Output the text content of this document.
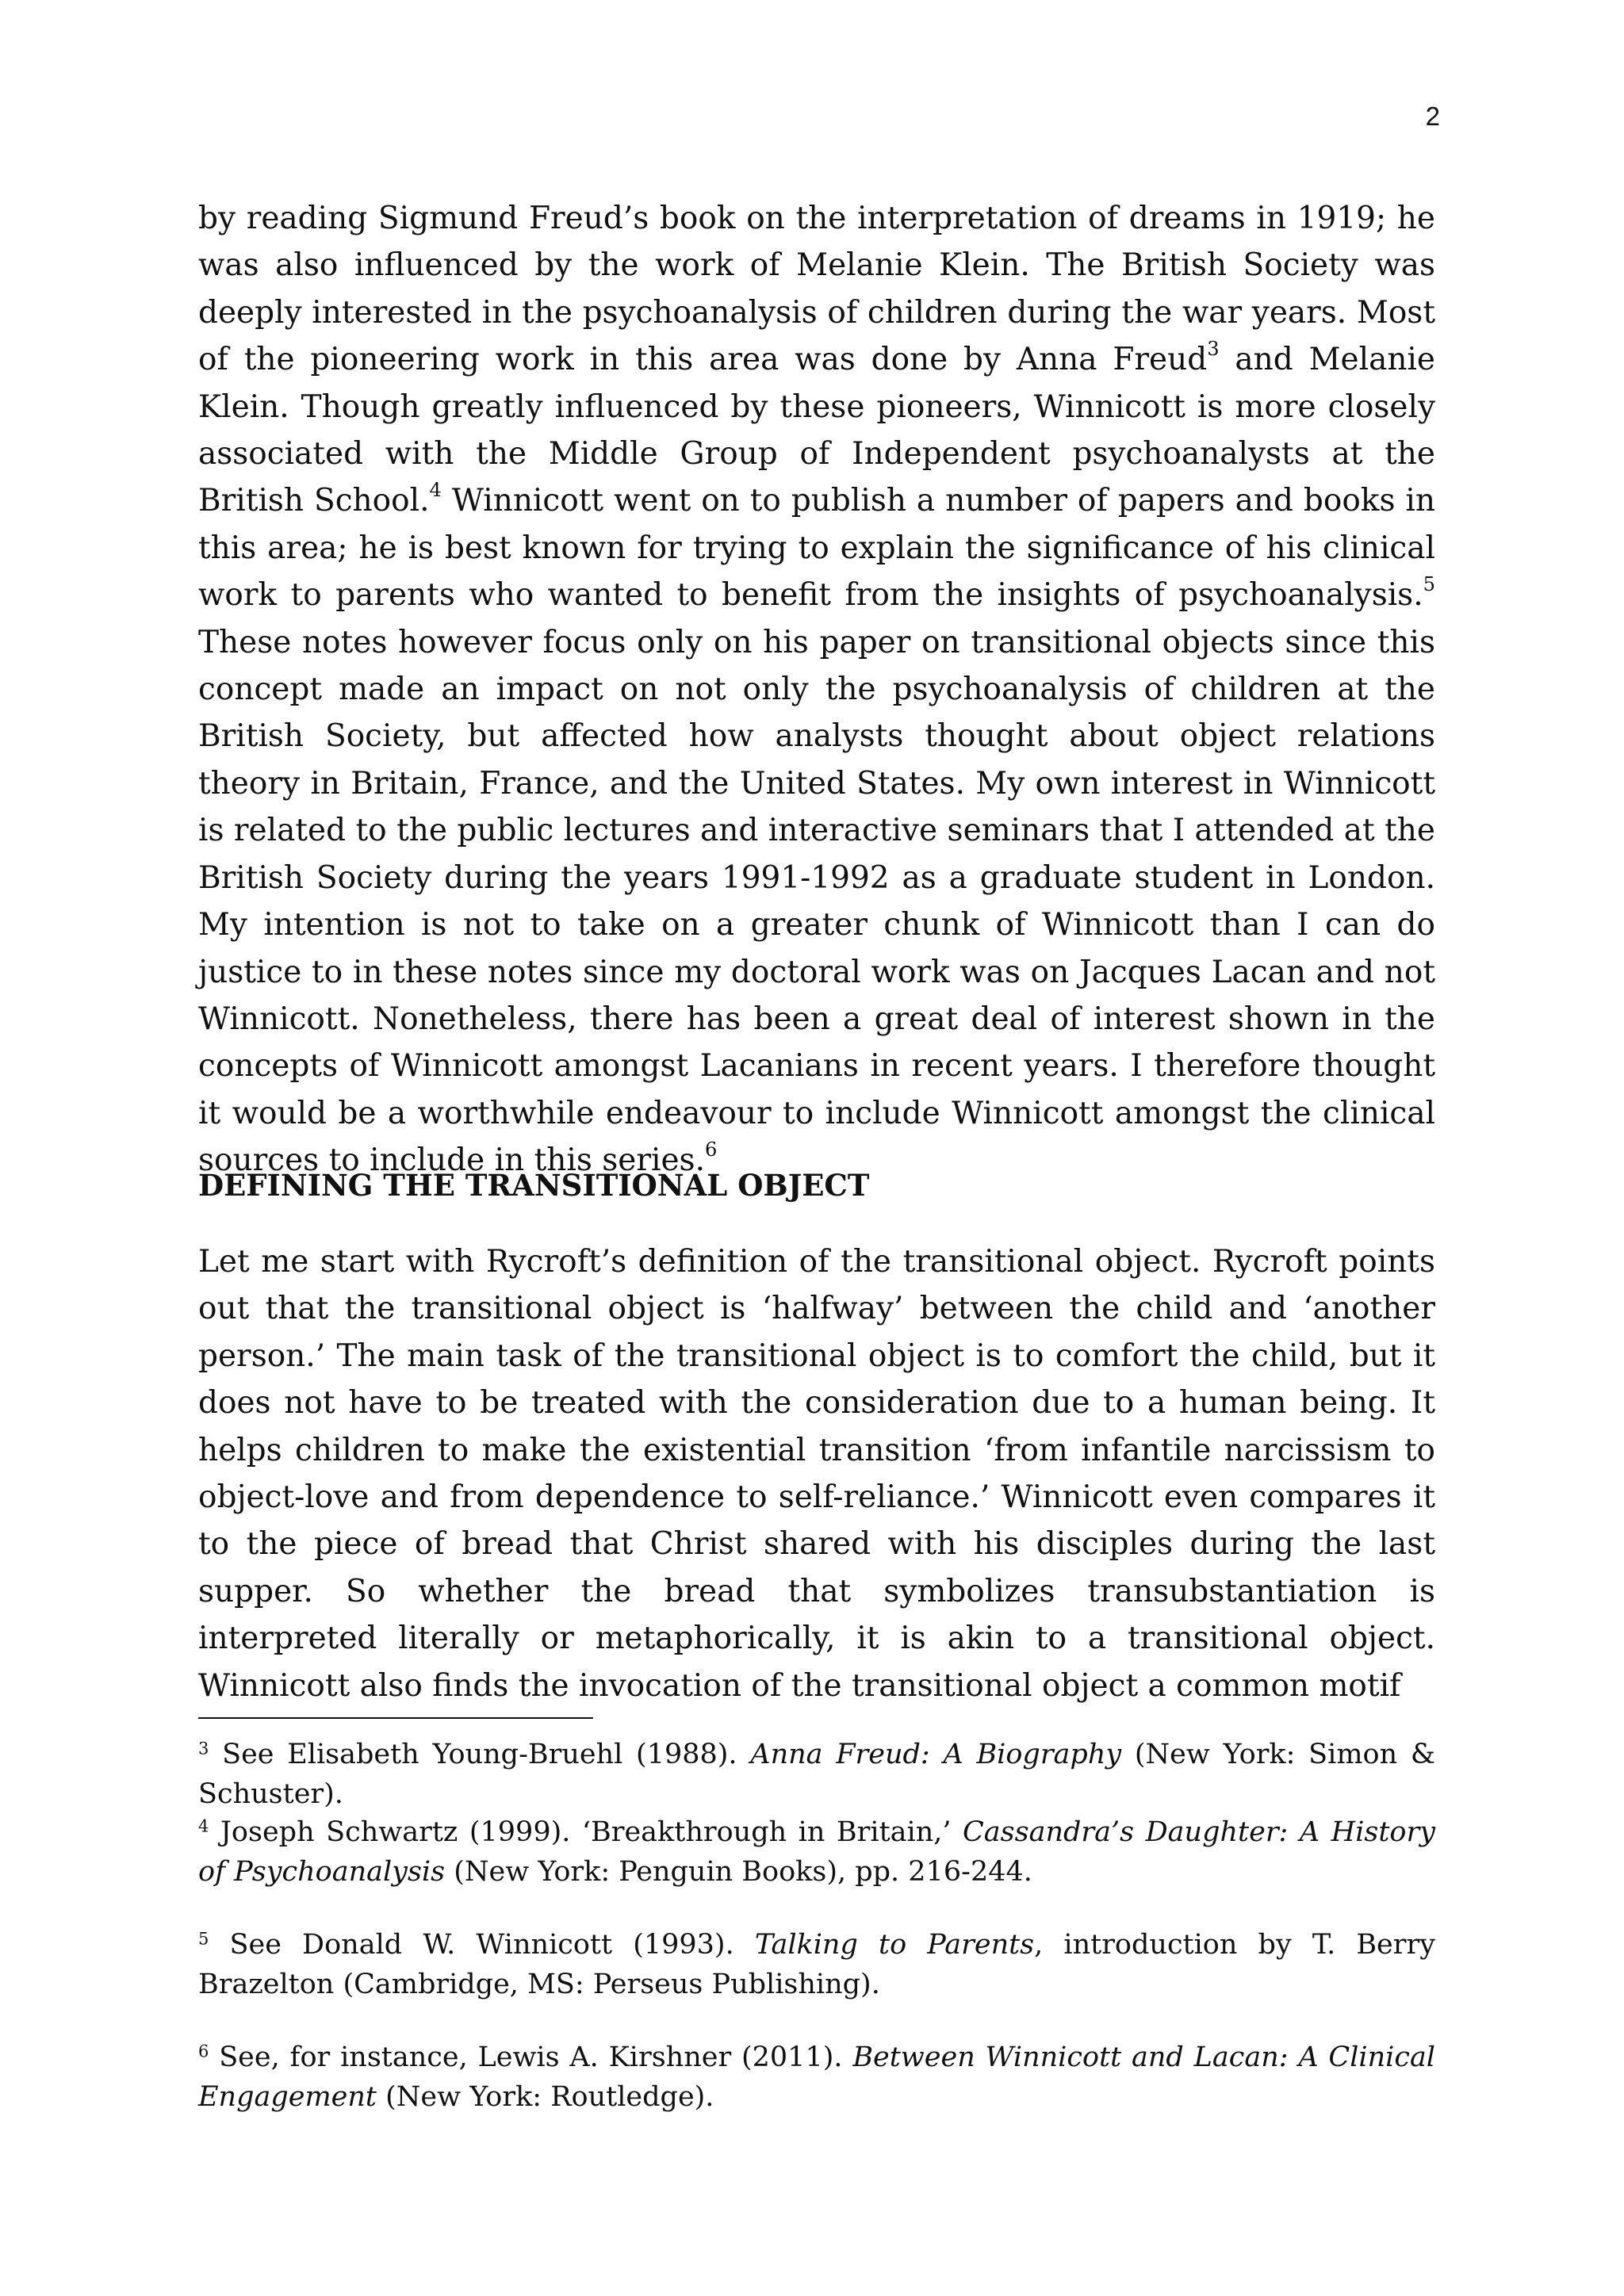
2

by reading Sigmund Freud’s book on the interpretation of dreams in 1919; he was also influenced by the work of Melanie Klein. The British Society was deeply interested in the psychoanalysis of children during the war years. Most of the pioneering work in this area was done by Anna Freud$^3$ and Melanie Klein. Though greatly influenced by these pioneers, Winnicott is more closely associated with the Middle Group of Independent psychoanalysts at the British School.$^4$ Winnicott went on to publish a number of papers and books in this area; he is best known for trying to explain the significance of his clinical work to parents who wanted to benefit from the insights of psychoanalysis.$^5$ These notes however focus only on his paper on transitional objects since this concept made an impact on not only the psychoanalysis of children at the British Society, but affected how analysts thought about object relations theory in Britain, France, and the United States. My own interest in Winnicott is related to the public lectures and interactive seminars that I attended at the British Society during the years 1991-1992 as a graduate student in London. My intention is not to take on a greater chunk of Winnicott than I can do justice to in these notes since my doctoral work was on Jacques Lacan and not Winnicott. Nonetheless, there has been a great deal of interest shown in the concepts of Winnicott amongst Lacanians in recent years. I therefore thought it would be a worthwhile endeavour to include Winnicott amongst the clinical sources to include in this series.$^6$

DEFINING THE TRANSITIONAL OBJECT

Let me start with Rycroft’s definition of the transitional object. Rycroft points out that the transitional object is ‘halfway’ between the child and ‘another person.’ The main task of the transitional object is to comfort the child, but it does not have to be treated with the consideration due to a human being. It helps children to make the existential transition ‘from infantile narcissism to object-love and from dependence to self-reliance.’ Winnicott even compares it to the piece of bread that Christ shared with his disciples during the last supper. So whether the bread that symbolizes transubstantiation is interpreted literally or metaphorically, it is akin to a transitional object. Winnicott also finds the invocation of the transitional object a common motif

$^3$ See Elisabeth Young-Bruehl (1988). Anna Freud: A Biography (New York: Simon & Schuster).

$^4$ Joseph Schwartz (1999). ‘Breakthrough in Britain,’ Cassandra’s Daughter: A History of Psychoanalysis (New York: Penguin Books), pp. 216-244.

$^5$ See Donald W. Winnicott (1993). Talking to Parents, introduction by T. Berry Brazelton (Cambridge, MS: Perseus Publishing).

$^6$ See, for instance, Lewis A. Kirshner (2011). Between Winnicott and Lacan: A Clinical Engagement (New York: Routledge).
